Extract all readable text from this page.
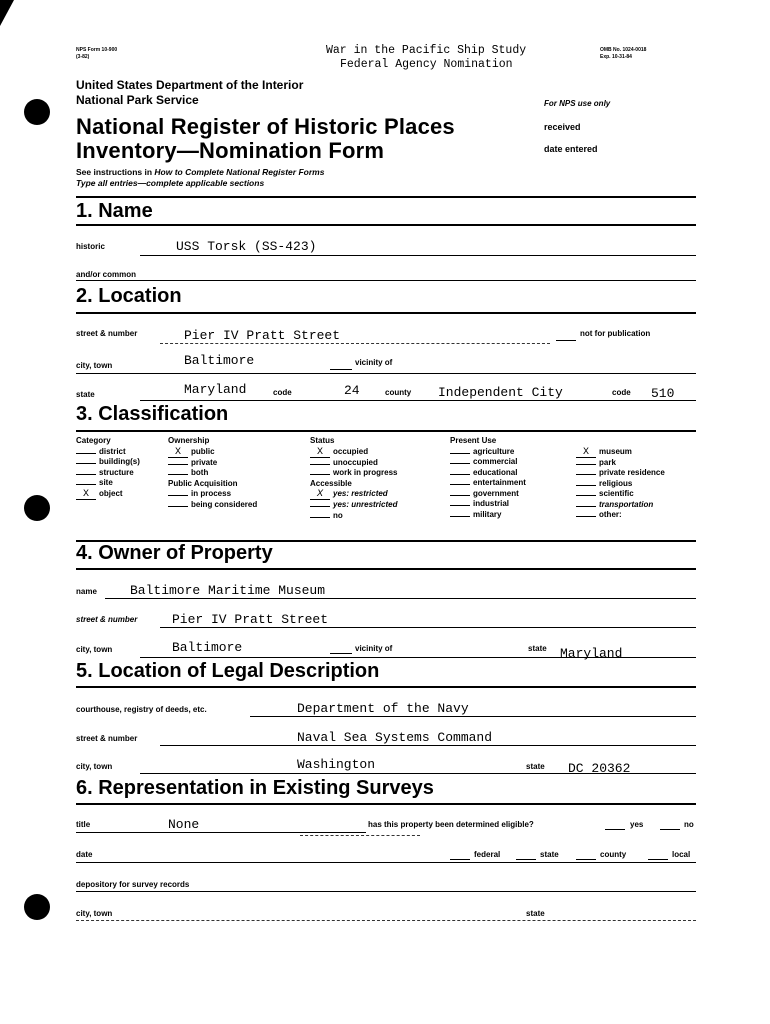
NPS Form 10-900
(3-82)	War in the Pacific Ship Study
Federal Agency Nomination
OMB No. 1024-0018
Exp. 10-31-84
United States Department of the Interior
National Park Service	For NPS use only
received
date entered
National Register of Historic Places
Inventory—Nomination Form
See instructions in How to Complete National Register Forms
Type all entries—complete applicable sections
1. Name
historic	USS Torsk (SS-423)
and/or common
2. Location
street & number	Pier IV Pratt Street	not for publication
city, town	Baltimore	vicinity of
state	Maryland	code	24	county Independent City	code 510
3. Classification
Category
district
building(s)
structure
site
X object
Ownership
X public
private
both
Public Acquisition
in process
being considered
Status
X occupied
unoccupied
work in progress
Accessible
X yes: restricted
yes: unrestricted
no
Present Use
agriculture
commercial
educational
entertainment
government
industrial
military

X museum
park
private residence
religious
scientific
transportation
other:
4. Owner of Property
name	Baltimore Maritime Museum
street & number	Pier IV Pratt Street
city, town	Baltimore	vicinity of	state Maryland
5. Location of Legal Description
courthouse, registry of deeds, etc.	Department of the Navy
street & number	Naval Sea Systems Command
city, town	Washington	state DC 20362
6. Representation in Existing Surveys
title	None	has this property been determined eligible?	yes	no
date	federal	state	county	local
depository for survey records
city, town	state
